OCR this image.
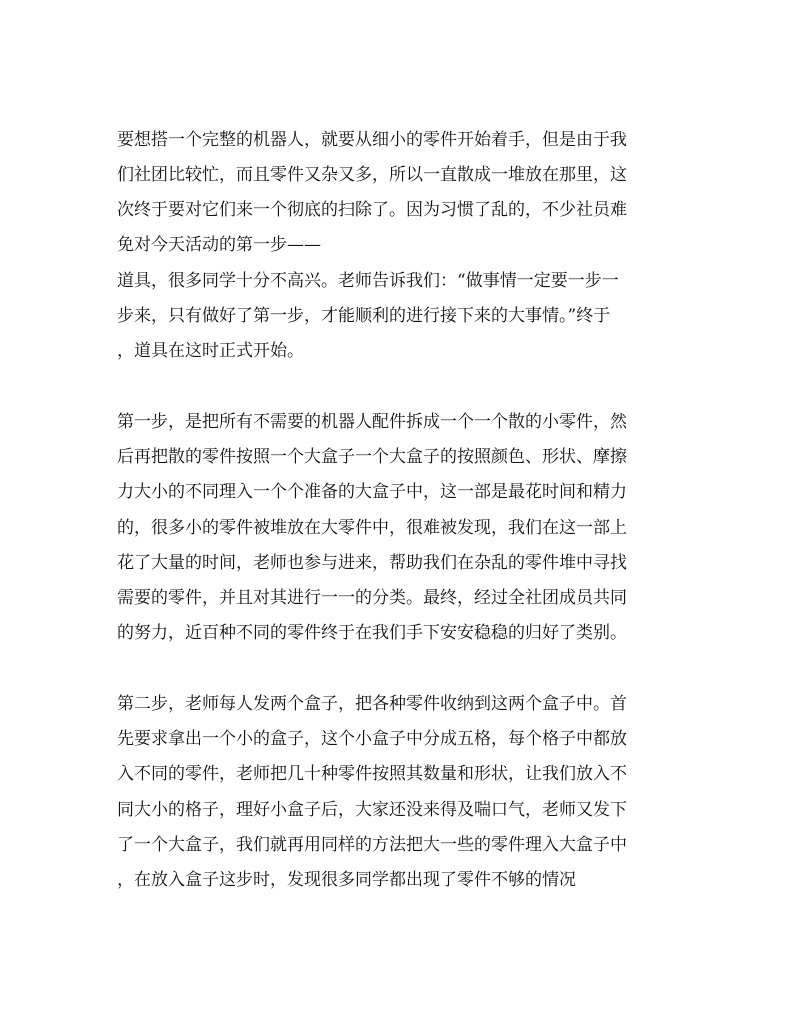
要想搭一个完整的机器人，就要从细小的零件开始着手，但是由于我
们社团比较忙，而且零件又杂又多，所以一直散成一堆放在那里，这
次终于要对它们来一个彻底的扫除了。因为习惯了乱的，不少社员难
免对今天活动的第一步——
道具，很多同学十分不高兴。老师告诉我们：“做事情一定要一步一
步来，只有做好了第一步，才能顺利的进行接下来的大事情。”终于
，道具在这时正式开始。
第一步，是把所有不需要的机器人配件拆成一个一个散的小零件，然
后再把散的零件按照一个大盒子一个大盒子的按照颜色、形状、摩擦
力大小的不同理入一个个准备的大盒子中，这一部是最花时间和精力
的，很多小的零件被堆放在大零件中，很难被发现，我们在这一部上
花了大量的时间，老师也参与进来，帮助我们在杂乱的零件堆中寻找
需要的零件，并且对其进行一一的分类。最终，经过全社团成员共同
的努力，近百种不同的零件终于在我们手下安安稳稳的归好了类别。
第二步，老师每人发两个盒子，把各种零件收纳到这两个盒子中。首
先要求拿出一个小的盒子，这个小盒子中分成五格，每个格子中都放
入不同的零件，老师把几十种零件按照其数量和形状，让我们放入不
同大小的格子，理好小盒子后，大家还没来得及喘口气，老师又发下
了一个大盒子，我们就再用同样的方法把大一些的零件理入大盒子中
，在放入盒子这步时，发现很多同学都出现了零件不够的情况
